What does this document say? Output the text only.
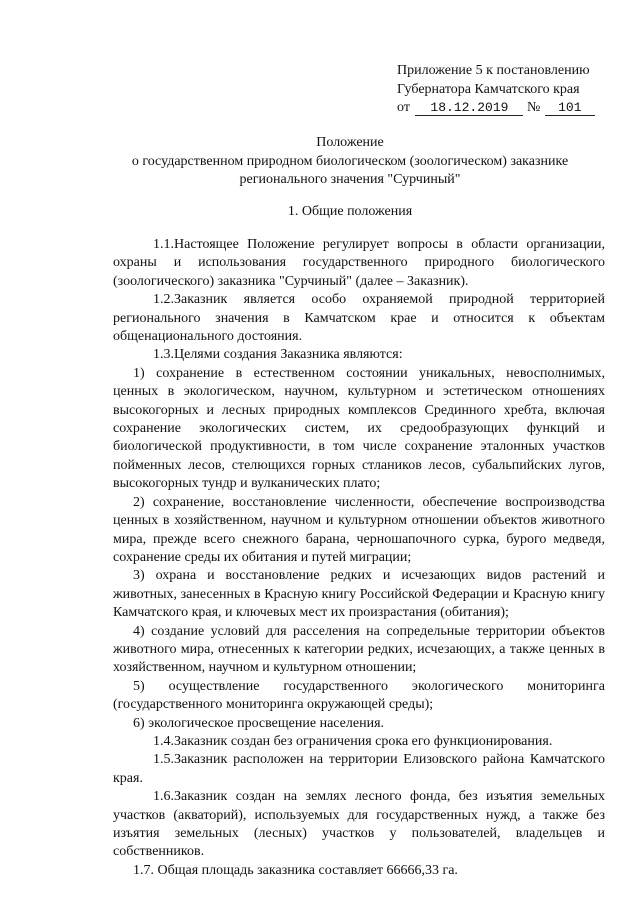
Приложение 5 к постановлению
Губернатора Камчатского края
от 18.12.2019 № 101
Положение
о государственном природном биологическом (зоологическом) заказнике
регионального значения "Сурчиный"
1. Общие положения

1.1.Настоящее Положение регулирует вопросы в области организации, охраны и использования государственного природного биологического (зоологического) заказника "Сурчиный" (далее – Заказник).

1.2.Заказник является особо охраняемой природной территорией регионального значения в Камчатском крае и относится к объектам общенационального достояния.

1.3.Целями создания Заказника являются:

1) сохранение в естественном состоянии уникальных, невосполнимых, ценных в экологическом, научном, культурном и эстетическом отношениях высокогорных и лесных природных комплексов Срединного хребта, включая сохранение экологических систем, их средообразующих функций и биологической продуктивности, в том числе сохранение эталонных участков пойменных лесов, стелющихся горных стлаников лесов, субальпийских лугов, высокогорных тундр и вулканических плато;

2) сохранение, восстановление численности, обеспечение воспроизводства ценных в хозяйственном, научном и культурном отношении объектов животного мира, прежде всего снежного барана, черношапочного сурка, бурого медведя, сохранение среды их обитания и путей миграции;

3) охрана и восстановление редких и исчезающих видов растений и животных, занесенных в Красную книгу Российской Федерации и Красную книгу Камчатского края, и ключевых мест их произрастания (обитания);

4) создание условий для расселения на сопредельные территории объектов животного мира, отнесенных к категории редких, исчезающих, а также ценных в хозяйственном, научном и культурном отношении;

5) осуществление государственного экологического мониторинга (государственного мониторинга окружающей среды);

6) экологическое просвещение населения.

1.4.Заказник создан без ограничения срока его функционирования.

1.5.Заказник расположен на территории Елизовского района Камчатского края.

1.6.Заказник создан на землях лесного фонда, без изъятия земельных участков (акваторий), используемых для государственных нужд, а также без изъятия земельных (лесных) участков у пользователей, владельцев и собственников.

1.7. Общая площадь заказника составляет 66666,33 га.
